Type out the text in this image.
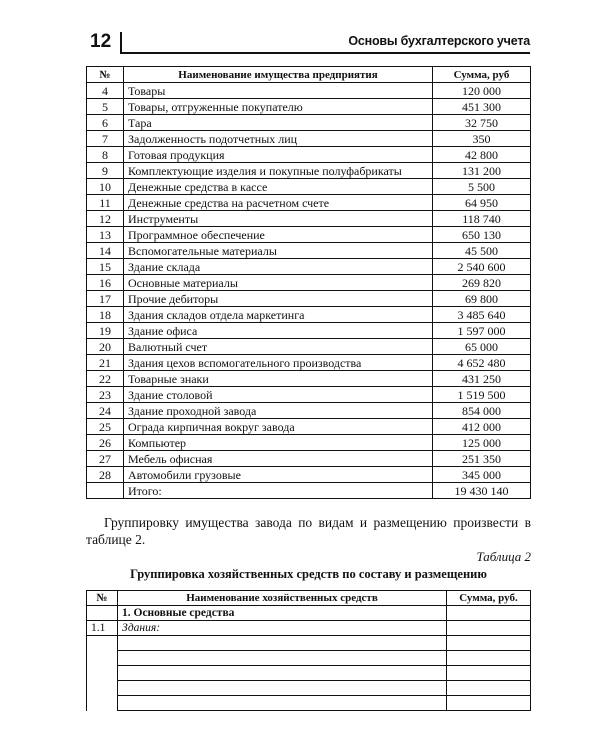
12	Основы бухгалтерского учета
№	Наименование имущества предприятия	Сумма, руб
4	Товары	120 000
5	Товары, отгруженные покупателю	451 300
6	Тара	32 750
7	Задолженность подотчетных лиц	350
8	Готовая продукция	42 800
9	Комплектующие изделия и покупные полуфабрикаты	131 200
10	Денежные средства в кассе	5 500
11	Денежные средства на расчетном счете	64 950
12	Инструменты	118 740
13	Программное обеспечение	650 130
14	Вспомогательные материалы	45 500
15	Здание склада	2 540 600
16	Основные материалы	269 820
17	Прочие дебиторы	69 800
18	Здания складов отдела маркетинга	3 485 640
19	Здание офиса	1 597 000
20	Валютный счет	65 000
21	Здания цехов вспомогательного производства	4 652 480
22	Товарные знаки	431 250
23	Здание столовой	1 519 500
24	Здание проходной завода	854 000
25	Ограда кирпичная вокруг завода	412 000
26	Компьютер	125 000
27	Мебель офисная	251 350
28	Автомобили грузовые	345 000
	Итого:	19 430 140
Группировку имущества завода по видам и размещению произвести в таблице 2.
Таблица 2
Группировка хозяйственных средств по составу и размещению
№	Наименование хозяйственных средств	Сумма, руб.
	1. Основные средства	
1.1	Здания:	
